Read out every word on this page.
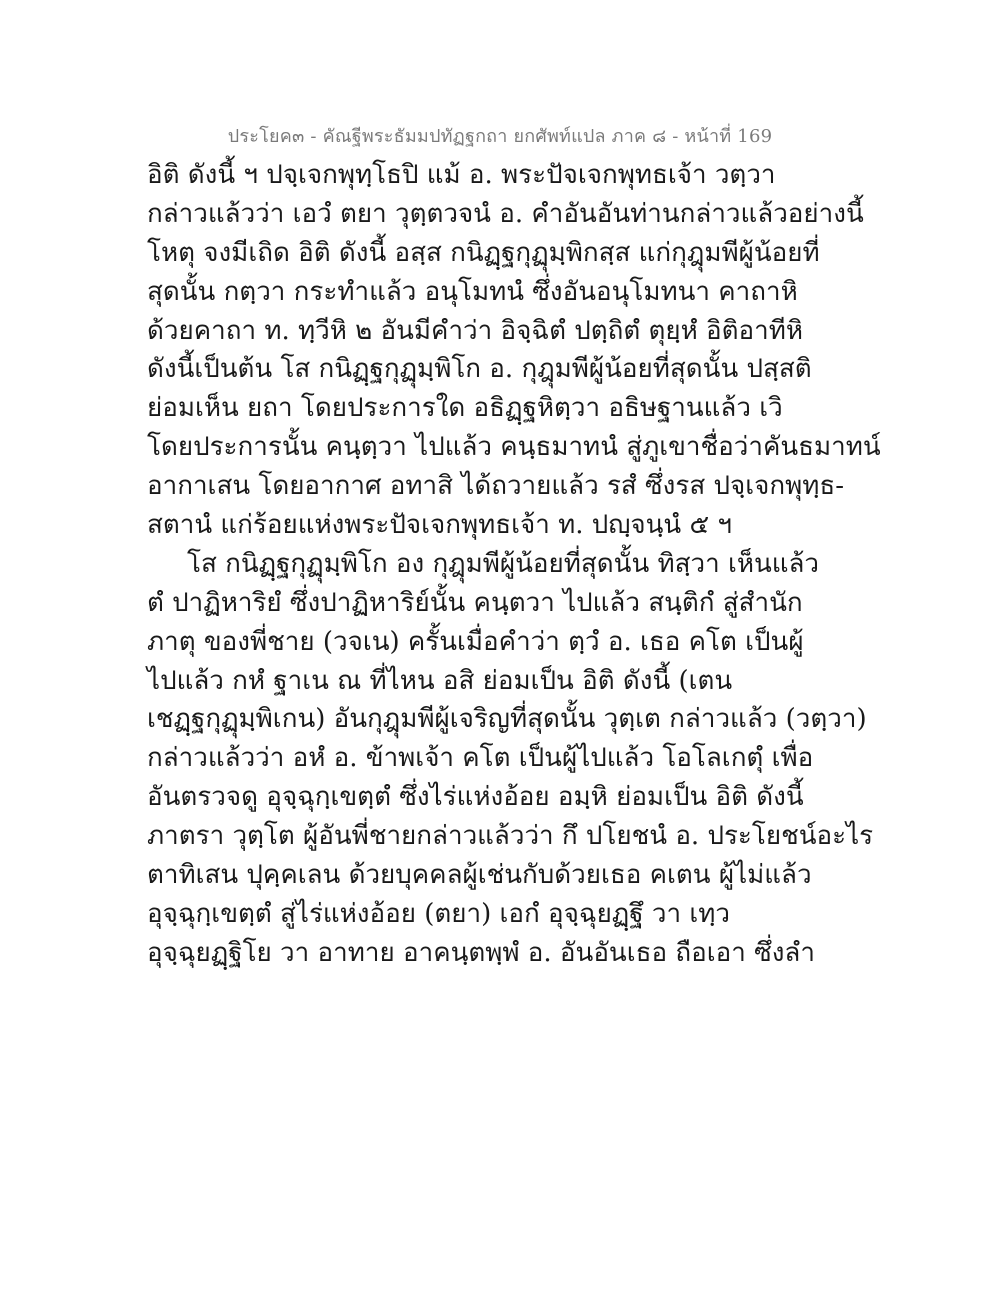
ประโยค๓ - คัณฐีพระธัมมปทัฏฐกถา ยกศัพท์แปล ภาค ๘ - หน้าที่ 169
อิติ ดังนี้ ฯ ปจฺเจกพุทฺโธปิ แม้ อ. พระปัจเจกพุทธเจ้า วตฺวา
กล่าวแล้วว่า เอวํ ตยา วุตฺตวจนํ อ. คำอันอันท่านกล่าวแล้วอย่างนี้
โหตุ จงมีเถิด อิติ ดังนี้ อสฺส กนิฏฺฐกุฏุมฺพิกสฺส แก่กุฎุมพีผู้น้อยที่
สุดนั้น กตฺวา กระทำแล้ว อนุโมทนํ ซึ่งอันอนุโมทนา คาถาหิ
ด้วยคาถา ท. ทฺวีหิ ๒ อันมีคำว่า อิจฺฉิตํ ปตฺถิตํ ตุยฺหํ อิติอาทีหิ
ดังนี้เป็นต้น โส กนิฏฺฐกุฏุมฺพิโก อ. กุฎุมพีผู้น้อยที่สุดนั้น ปสฺสติ
ย่อมเห็น ยถา โดยประการใด อธิฏฺฐหิตฺวา อธิษฐานแล้ว เวิ
โดยประการนั้น คนฺตฺวา ไปแล้ว คนฺธมาทนํ สู่ภูเขาชื่อว่าคันธมาทน์
อากาเสน โดยอากาศ อทาสิ ได้ถวายแล้ว รสํ ซึ่งรส ปจฺเจกพุทฺธ-
สตานํ แก่ร้อยแห่งพระปัจเจกพุทธเจ้า ท. ปญฺจนฺนํ ๕ ฯ
โส กนิฏฺฐกุฏุมฺพิโก อง กุฎุมพีผู้น้อยที่สุดนั้น ทิสฺวา เห็นแล้ว
ตํ ปาฏิหาริยํ ซึ่งปาฏิหาริย์นั้น คนฺตวา ไปแล้ว สนฺติกํ สู่สำนัก
ภาตุ ของพี่ชาย (วจเน) ครั้นเมื่อคำว่า ตฺวํ อ. เธอ คโต เป็นผู้
ไปแล้ว กหํ ฐาเน ณ ที่ไหน อสิ ย่อมเป็น อิติ ดังนี้ (เตน
เชฏฺฐกุฏุมฺพิเกน) อันกุฎุมพีผู้เจริญที่สุดนั้น วุตฺเต กล่าวแล้ว (วตฺวา)
กล่าวแล้วว่า อหํ อ. ข้าพเจ้า คโต เป็นผู้ไปแล้ว โอโลเกตุํ เพื่อ
อันตรวจดู อุจฺฉุกฺเขตฺตํ ซึ่งไร่แห่งอ้อย อมฺหิ ย่อมเป็น อิติ ดังนี้
ภาตรา วุตฺโต ผู้อันพี่ชายกล่าวแล้วว่า กึ ปโยชนํ อ. ประโยชน์อะไร
ตาทิเสน ปุคฺคเลน ด้วยบุคคลผู้เช่นกับด้วยเธอ คเตน ผู้ไม่แล้ว
อุจฺฉุกฺเขตฺตํ สู่ไร่แห่งอ้อย (ตยา) เอกํ อุจฺฉุยฏฺฐึ วา เทฺว
อุจฺฉุยฏฺฐิโย วา อาทาย อาคนฺตพฺพํ อ. อันอันเธอ ถือเอา ซึ่งลำ
